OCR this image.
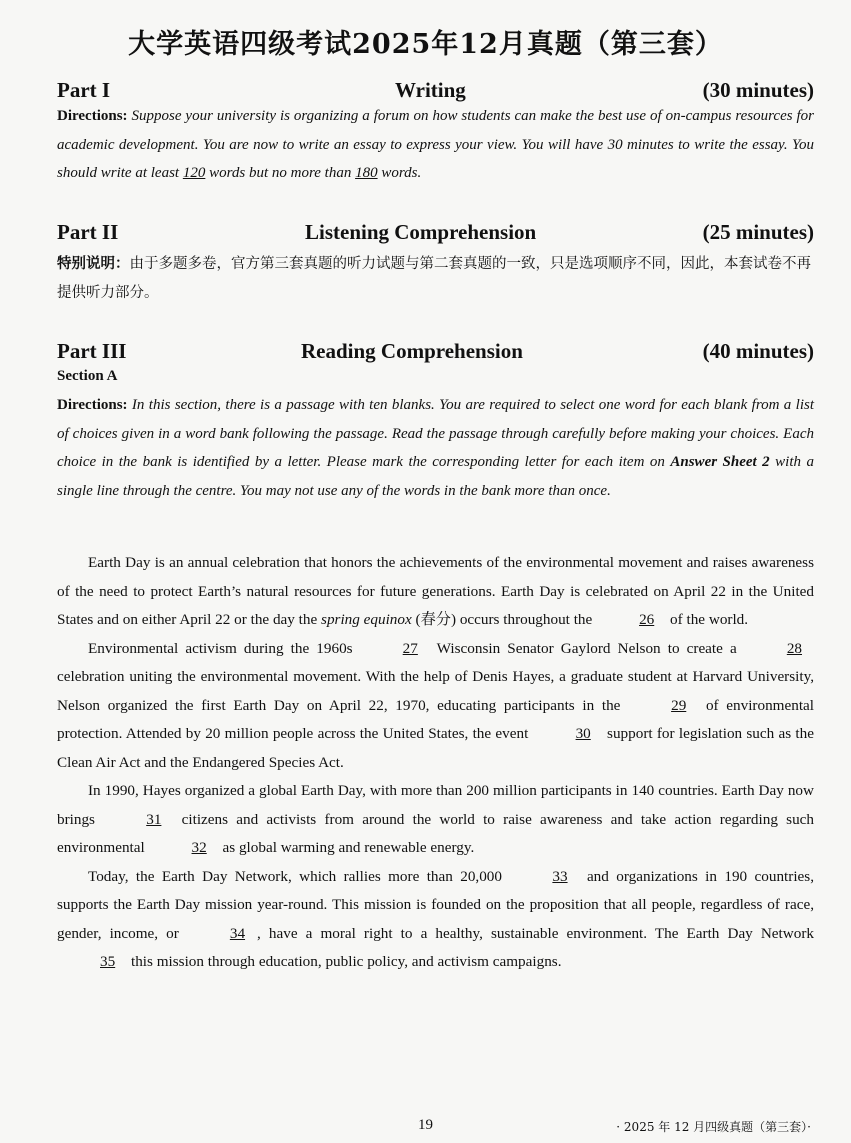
大学英语四级考试2025年12月真题（第三套）
Part I	Writing	(30 minutes)
Directions: Suppose your university is organizing a forum on how students can make the best use of on-campus resources for academic development. You are now to write an essay to express your view. You will have 30 minutes to write the essay. You should write at least 120 words but no more than 180 words.
Part II	Listening Comprehension	(25 minutes)
特别说明：由于多题多卷，官方第三套真题的听力试题与第二套真题的一致，只是选项顺序不同，因此，本套试卷不再提供听力部分。
Part III	Reading Comprehension	(40 minutes)
Section A
Directions: In this section, there is a passage with ten blanks. You are required to select one word for each blank from a list of choices given in a word bank following the passage. Read the passage through carefully before making your choices. Each choice in the bank is identified by a letter. Please mark the corresponding letter for each item on Answer Sheet 2 with a single line through the centre. You may not use any of the words in the bank more than once.

Earth Day is an annual celebration that honors the achievements of the environmental movement and raises awareness of the need to protect Earth’s natural resources for future generations. Earth Day is celebrated on April 22 in the United States and on either April 22 or the day the spring equinox (春分) occurs throughout the	26 of the world.

Environmental activism during the 1960s	27 Wisconsin Senator Gaylord Nelson to create a	28 celebration uniting the environmental movement. With the help of Denis Hayes, a graduate student at Harvard University, Nelson organized the first Earth Day on April 22, 1970, educating participants in the	29 of environmental protection. Attended by 20 million people across the United States, the event	30 support for legislation such as the Clean Air Act and the Endangered Species Act.

In 1990, Hayes organized a global Earth Day, with more than 200 million participants in 140 countries. Earth Day now brings	31 citizens and activists from around the world to raise awareness and take action regarding such environmental	32 as global warming and renewable energy.

Today, the Earth Day Network, which rallies more than 20,000	33 and organizations in 190 countries, supports the Earth Day mission year-round. This mission is founded on the proposition that all people, regardless of race, gender, income, or	34 , have a moral right to a healthy, sustainable environment. The Earth Day Network 35 this mission through education, public policy, and activism campaigns.

19	· 2025 年 12 月四级真题（第三套）·
